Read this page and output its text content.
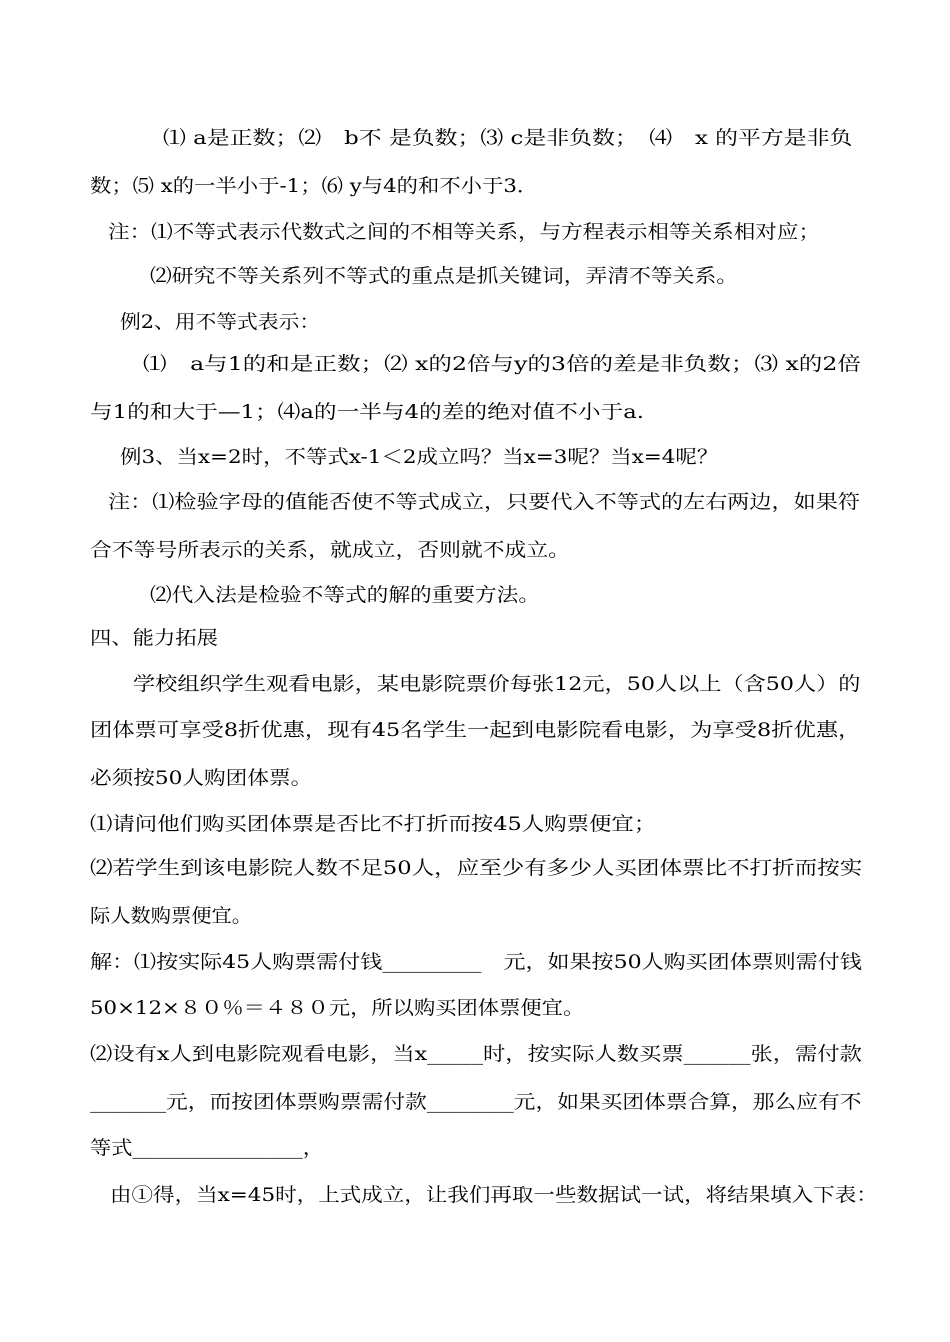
⑴ a是正数；⑵　b不 是负数；⑶ c是非负数；　⑷　x 的平方是非负
数；⑸ x的一半小于-1；⑹ y与4的和不小于3．
注：⑴不等式表示代数式之间的不相等关系，与方程表示相等关系相对应；
⑵研究不等关系列不等式的重点是抓关键词，弄清不等关系。
例2、用不等式表示：
⑴　a与1的和是正数；⑵ x的2倍与y的3倍的差是非负数；⑶ x的2倍
与1的和大于—1；⑷a的一半与4的差的绝对值不小于a.
例3、当x=2时，不等式x-1＜2成立吗？当x=3呢？当x=4呢？
注：⑴检验字母的值能否使不等式成立，只要代入不等式的左右两边，如果符
合不等号所表示的关系，就成立，否则就不成立。
⑵代入法是检验不等式的解的重要方法。
四、能力拓展
学校组织学生观看电影，某电影院票价每张12元，50人以上（含50人）的
团体票可享受8折优惠，现有45名学生一起到电影院看电影，为享受8折优惠，
必须按50人购团体票。
⑴请问他们购买团体票是否比不打折而按45人购票便宜；
⑵若学生到该电影院人数不足50人，应至少有多少人买团体票比不打折而按实
际人数购票便宜。
解：⑴按实际45人购票需付钱_________　元，如果按50人购买团体票则需付钱
50×12×８０％＝４８０元，所以购买团体票便宜。
⑵设有x人到电影院观看电影，当x_____时，按实际人数买票______张，需付款
_______元，而按团体票购票需付款________元，如果买团体票合算，那么应有不
等式________________，
由①得，当x=45时，上式成立，让我们再取一些数据试一试，将结果填入下表：
